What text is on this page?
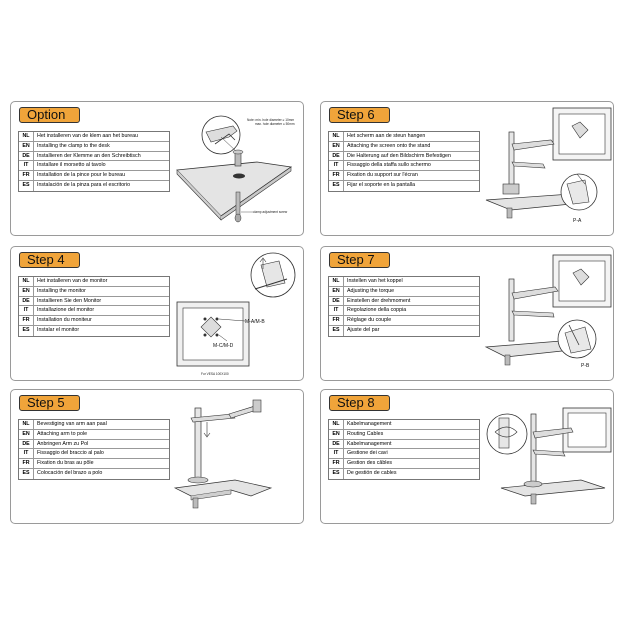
Option
NL	Het installeren van de klem aan het bureau
EN	Installing the clamp to the desk
DE	Installieren der Klemme an den Schreibtisch
IT	Installare il morsetto al tavolo
FR	Installation de la pince pour le bureau
ES	Instalación de la pinza para el escritorio
Note: min. hole diameter ≥ 10mm
max. hole diameter ≤ 50mm
clamp adjustment screw
Step 6
NL	Het scherm aan de steun hangen
EN	Attaching the screen onto the stand
DE	Die Halterung auf den Bildschirm Befestigen
IT	Fissaggio della staffa sullo schermo
FR	Fixation du support sur l'écran
ES	Fijar el soporte en la pantalla
P-A
Step 4
NL	Het installeren van de monitor
EN	Installing the monitor
DE	Installieren Sie den Monitor
IT	Installazione del monitor
FR	Installation du moniteur
ES	Instalar el monitor
M-A/M-B
M-C/M-D
For VESA 100X100
Step 7
NL	Instellen van het koppel
EN	Adjusting the torque
DE	Einstellen der drehmoment
IT	Regolazione della coppia
FR	Réglage du couple
ES	Ajuste del par
P-B
Step 5
NL	Bevestiging van arm aan paal
EN	Attaching arm to pole
DE	Anbringen Arm zu Pol
IT	Fissaggio del braccio al palo
FR	Fixation du bras au pôle
ES	Colocación del brazo a polo
Step 8
NL	Kabelmanagement
EN	Routing Cables
DE	Kabelmanagement
IT	Gestione dei cavi
FR	Gestion des câbles
ES	De gestión de cables
